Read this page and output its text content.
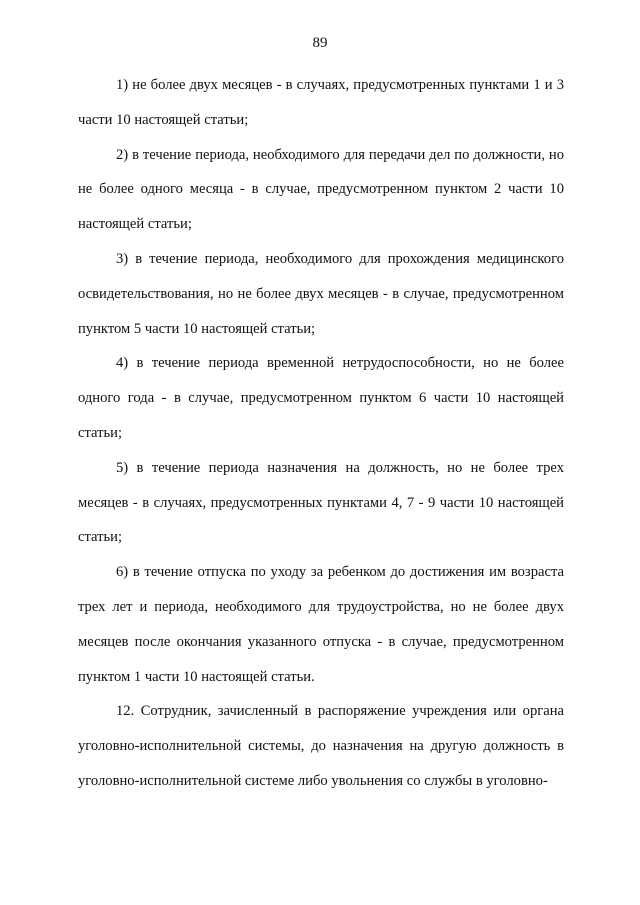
89

1) не более двух месяцев - в случаях, предусмотренных пунктами 1 и 3 части 10 настоящей статьи;

2) в течение периода, необходимого для передачи дел по должности, но не более одного месяца - в случае, предусмотренном пунктом 2 части 10 настоящей статьи;

3) в течение периода, необходимого для прохождения медицинского освидетельствования, но не более двух месяцев - в случае, предусмотренном пунктом 5 части 10 настоящей статьи;

4) в течение периода временной нетрудоспособности, но не более одного года - в случае, предусмотренном пунктом 6 части 10 настоящей статьи;

5) в течение периода назначения на должность, но не более трех месяцев - в случаях, предусмотренных пунктами 4, 7 - 9 части 10 настоящей статьи;

6) в течение отпуска по уходу за ребенком до достижения им возраста трех лет и периода, необходимого для трудоустройства, но не более двух месяцев после окончания указанного отпуска - в случае, предусмотренном пунктом 1 части 10 настоящей статьи.

12. Сотрудник, зачисленный в распоряжение учреждения или органа уголовно-исполнительной системы, до назначения на другую должность в уголовно-исполнительной системе либо увольнения со службы в уголовно-
